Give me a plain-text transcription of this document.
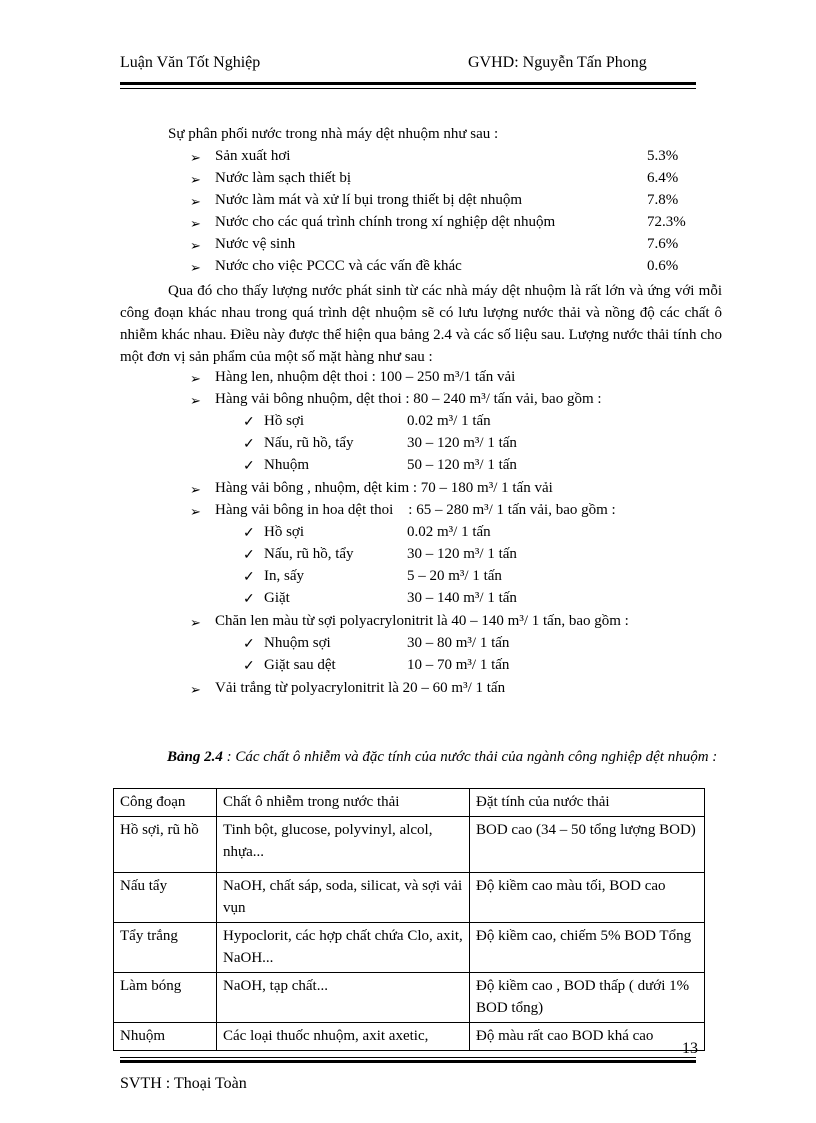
Luận Văn Tốt Nghiệp	GVHD: Nguyễn Tấn Phong
Sự phân phối nước trong nhà máy dệt nhuộm như sau :
➢ Sản xuất hơi	5.3%
➢ Nước làm sạch thiết bị	6.4%
➢ Nước làm mát và xử lí bụi trong thiết bị dệt nhuộm	7.8%
➢ Nước cho các quá trình chính trong xí nghiệp dệt nhuộm	72.3%
➢ Nước vệ sinh	7.6%
➢ Nước cho việc PCCC và các vấn đề khác	0.6%
Qua đó cho thấy lượng nước phát sinh từ các nhà máy dệt nhuộm là rất lớn và ứng với mỗi công đoạn khác nhau trong quá trình dệt nhuộm sẽ có lưu lượng nước thải và nồng độ các chất ô nhiễm khác nhau. Điều này được thể hiện qua bảng 2.4 và các số liệu sau. Lượng nước thải tính cho một đơn vị sản phẩm của một số mặt hàng như sau :
➢ Hàng len, nhuộm dệt thoi : 100 – 250 m³/1 tấn vải
➢ Hàng vải bông nhuộm, dệt thoi : 80 – 240 m³/ tấn vải, bao gồm :
✓ Hồ sợi	0.02 m³/ 1 tấn
✓ Nấu, rũ hồ, tẩy	30 – 120 m³/ 1 tấn
✓ Nhuộm	50 – 120 m³/ 1 tấn
➢ Hàng vải bông , nhuộm, dệt kim : 70 – 180 m³/ 1 tấn vải
➢ Hàng vải bông in hoa dệt thoi    : 65 – 280 m³/ 1 tấn vải, bao gồm :
✓ Hồ sợi	0.02 m³/ 1 tấn
✓ Nấu, rũ hồ, tẩy	30 – 120 m³/ 1 tấn
✓ In, sấy	5 – 20 m³/ 1 tấn
✓ Giặt	30 – 140 m³/ 1 tấn
➢ Chăn len màu từ sợi polyacrylonitrit là 40 – 140 m³/ 1 tấn, bao gồm :
✓ Nhuộm sợi	30 – 80 m³/ 1 tấn
✓ Giặt sau dệt	10 – 70 m³/ 1 tấn
➢ Vải trắng từ polyacrylonitrit là 20 – 60 m³/ 1 tấn
Bảng 2.4 : Các chất ô nhiễm và đặc tính của nước thải của ngành công nghiệp dệt nhuộm :
Công đoạn	Chất ô nhiễm trong nước thải	Đặt tính của nước thải
Hồ sợi, rũ hồ	Tinh bột, glucose, polyvinyl, alcol, nhựa...	BOD cao (34 – 50 tổng lượng BOD)
Nấu tẩy	NaOH, chất sáp, soda, silicat, và sợi vải vụn	Độ kiềm cao màu tối, BOD cao
Tẩy trắng	Hypoclorit, các hợp chất chứa Clo, axit, NaOH...	Độ kiềm cao, chiếm 5% BOD Tổng
Làm bóng	NaOH, tạp chất...	Độ kiềm cao , BOD thấp ( dưới 1% BOD tổng)
Nhuộm	Các loại thuốc nhuộm, axit axetic,	Độ màu rất cao BOD khá cao
13
SVTH : Thoại Toàn
